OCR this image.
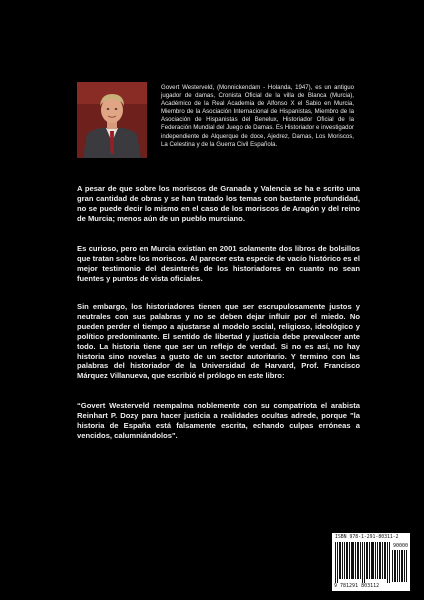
Govert Westerveld, (Monnickendam - Holanda, 1947), es un antiguo jugador de damas, Cronista Oficial de la villa de Blanca (Murcia), Académico de la Real Academia de Alfonso X el Sabio en Murcia, Miembro de la Asociación Internacional de Hispanistas, Miembro de la Asociación de Hispanistas del Benelux, Historiador Oficial de la Federación Mundial del Juego de Damas. Es Historiador e investigador independiente de Alquerque de doce, Ajedrez, Damas, Los Moriscos, La Celestina y de la Guerra Civil Española.
A pesar de que sobre los moriscos de Granada y Valencia se ha e scrito una gran cantidad de obras y se han tratado los temas con bastante profundidad, no se puede decir lo mismo en el caso de los moriscos de Aragón y del reino de Murcia; menos aún de un pueblo murciano.
Es curioso, pero en Murcia existían en 2001 solamente dos libros de bolsillos que tratan sobre los moriscos. Al parecer esta especie de vacío histórico es el mejor testimonio del desinterés de los historiadores en cuanto no sean fuentes y puntos de vista oficiales.
Sin embargo, los historiadores tienen que ser escrupulosamente justos y neutrales con sus palabras y no se deben dejar influir por el miedo. No pueden perder el tiempo a ajustarse al modelo social, religioso, ideológico y político predominante. El sentido de libertad y justicia debe prevalecer ante todo. La historia tiene que ser un reflejo de verdad. Si no es así, no hay historia sino novelas a gusto de un sector autoritario. Y termino con las palabras del historiador de la Universidad de Harvard, Prof. Francisco Márquez Villanueva, que escribió el prólogo en este libro:
“Govert Westerveld reempalma noblemente con su compatriota el arabista Reinhart P. Dozy para hacer justicia a realidades ocultas adrede, porque "la historia de España está falsamente escrita, echando culpas erróneas a vencidos, calumniándolos".
ISBN 978-1-291-80311-2
90000
9 781291 803112
